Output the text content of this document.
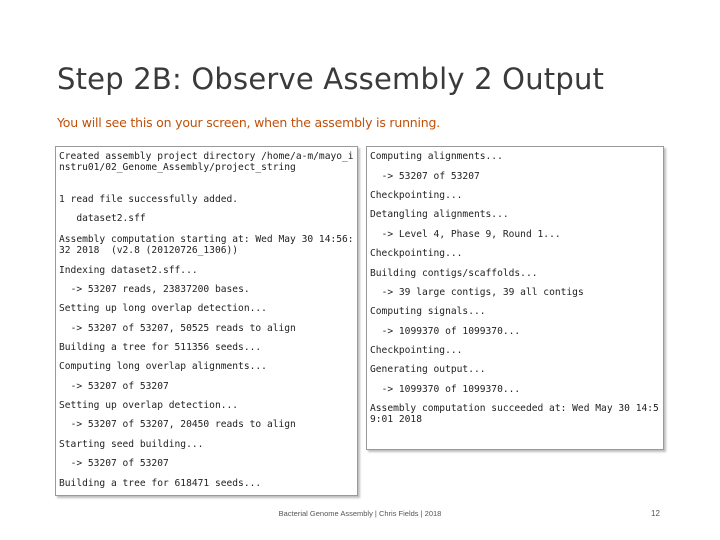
Step 2B: Observe Assembly 2 Output
You will see this on your screen, when the assembly is running.
Created assembly project directory /home/a-m/mayo_instru01/02_Genome_Assembly/project_string
1 read file successfully added.
dataset2.sff
Assembly computation starting at: Wed May 30 14:56:32 2018  (v2.8 (20120726_1306))
Indexing dataset2.sff...
-> 53207 reads, 23837200 bases.
Setting up long overlap detection...
-> 53207 of 53207, 50525 reads to align
Building a tree for 511356 seeds...
Computing long overlap alignments...
-> 53207 of 53207
Setting up overlap detection...
-> 53207 of 53207, 20450 reads to align
Starting seed building...
-> 53207 of 53207
Building a tree for 618471 seeds...
Computing alignments...
-> 53207 of 53207
Checkpointing...
Detangling alignments...
-> Level 4, Phase 9, Round 1...
Checkpointing...
Building contigs/scaffolds...
-> 39 large contigs, 39 all contigs
Computing signals...
-> 1099370 of 1099370...
Checkpointing...
Generating output...
-> 1099370 of 1099370...
Assembly computation succeeded at: Wed May 30 14:59:01 2018
Bacterial Genome Assembly | Chris Fields | 2018	12
